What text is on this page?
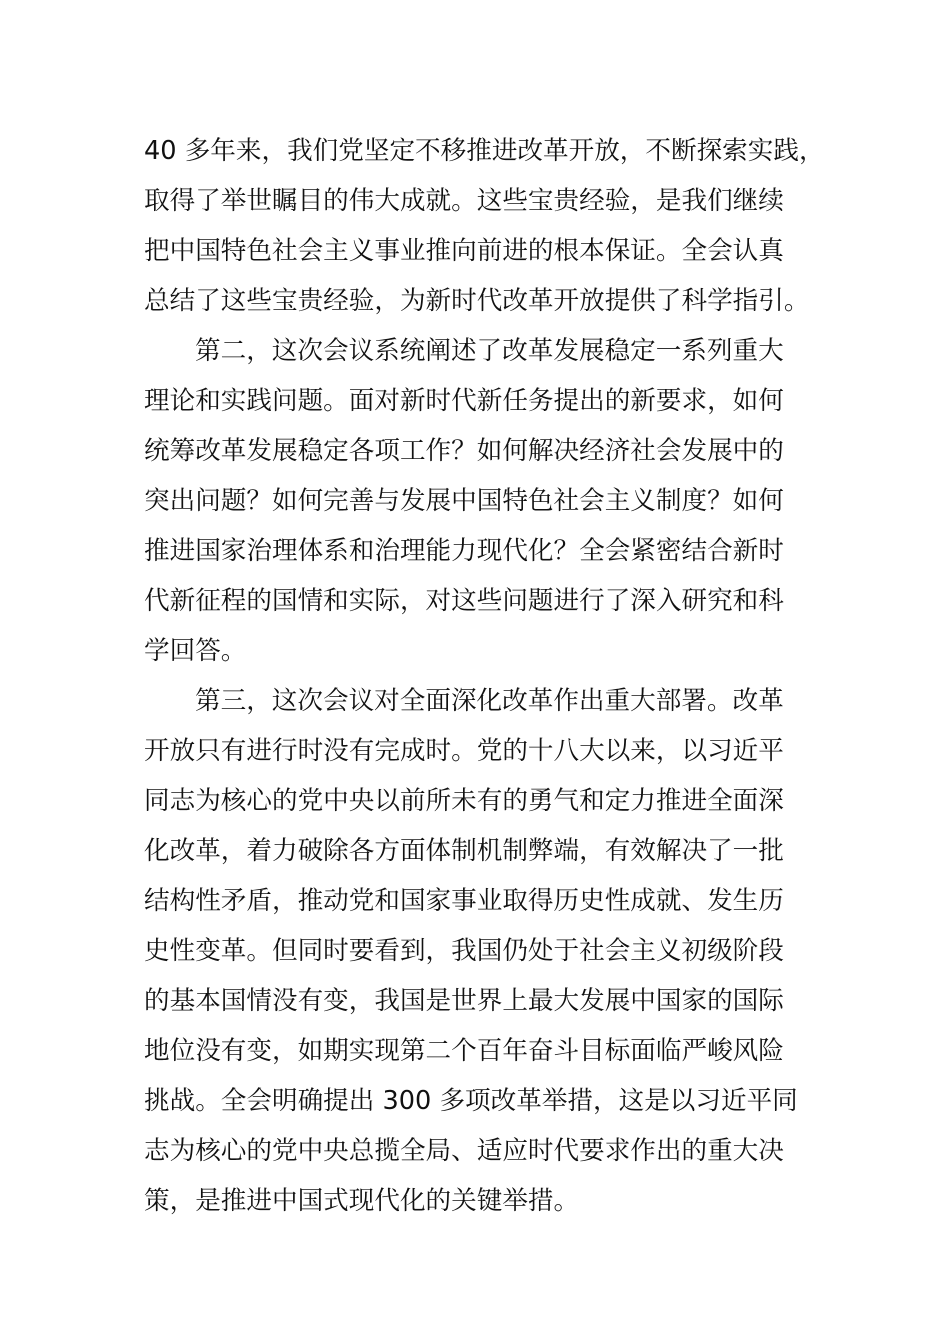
40 多年来，我们党坚定不移推进改革开放，不断探索实践，
取得了举世瞩目的伟大成就。这些宝贵经验，是我们继续
把中国特色社会主义事业推向前进的根本保证。全会认真
总结了这些宝贵经验，为新时代改革开放提供了科学指引。
第二，这次会议系统阐述了改革发展稳定一系列重大
理论和实践问题。面对新时代新任务提出的新要求，如何
统筹改革发展稳定各项工作？如何解决经济社会发展中的
突出问题？如何完善与发展中国特色社会主义制度？如何
推进国家治理体系和治理能力现代化？全会紧密结合新时
代新征程的国情和实际，对这些问题进行了深入研究和科
学回答。
第三，这次会议对全面深化改革作出重大部署。改革
开放只有进行时没有完成时。党的十八大以来，以习近平
同志为核心的党中央以前所未有的勇气和定力推进全面深
化改革，着力破除各方面体制机制弊端，有效解决了一批
结构性矛盾，推动党和国家事业取得历史性成就、发生历
史性变革。但同时要看到，我国仍处于社会主义初级阶段
的基本国情没有变，我国是世界上最大发展中国家的国际
地位没有变，如期实现第二个百年奋斗目标面临严峻风险
挑战。全会明确提出 300 多项改革举措，这是以习近平同
志为核心的党中央总揽全局、适应时代要求作出的重大决
策，是推进中国式现代化的关键举措。
